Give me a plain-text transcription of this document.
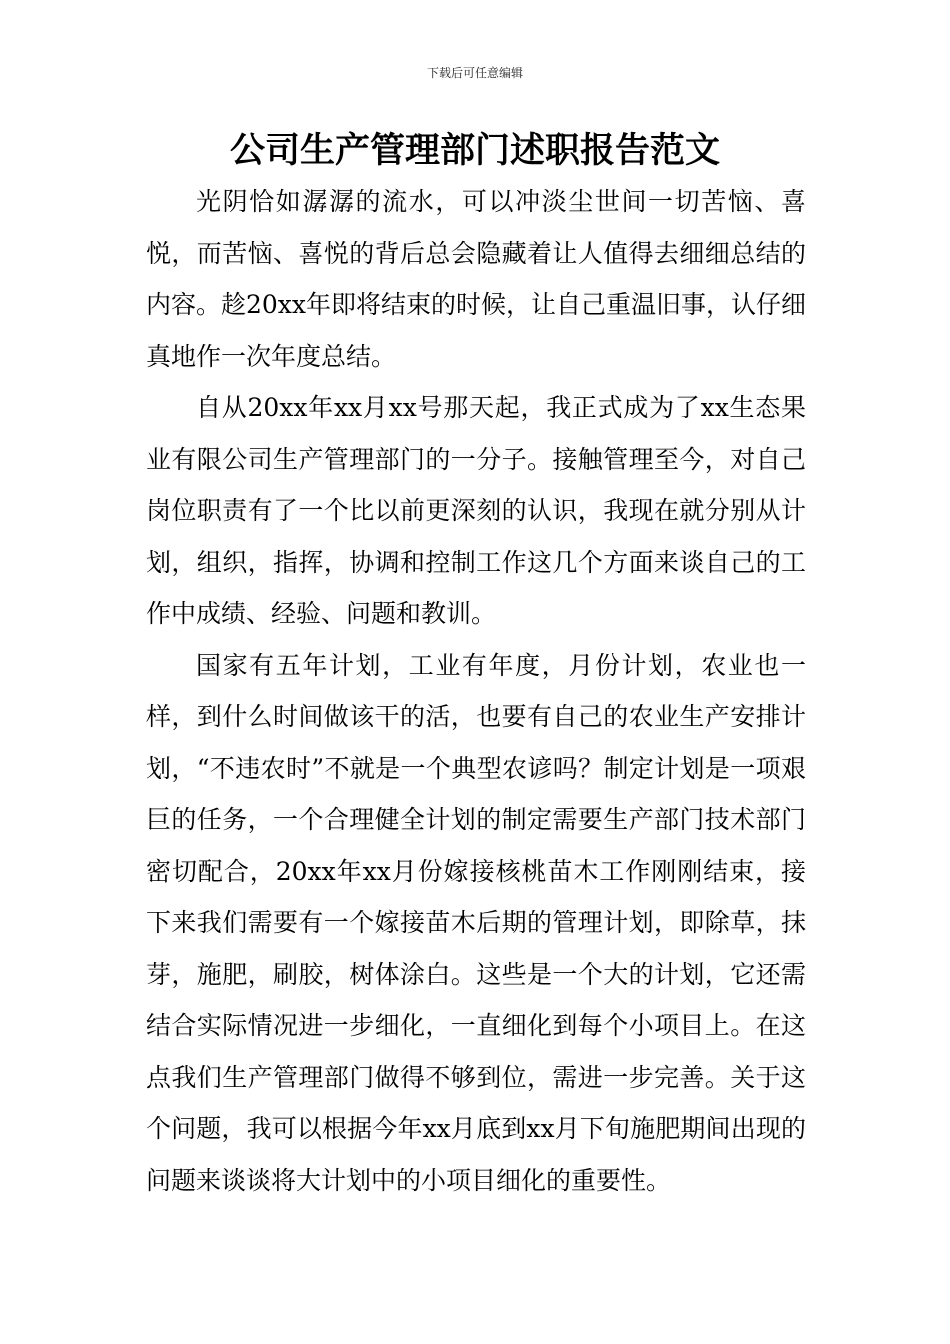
下载后可任意编辑
公司生产管理部门述职报告范文

光阴恰如潺潺的流水，可以冲淡尘世间一切苦恼、喜悦，而苦恼、喜悦的背后总会隐藏着让人值得去细细总结的内容。趁20xx年即将结束的时候，让自己重温旧事，认仔细真地作一次年度总结。

自从20xx年xx月xx号那天起，我正式成为了xx生态果业有限公司生产管理部门的一分子。接触管理至今，对自己岗位职责有了一个比以前更深刻的认识，我现在就分别从计划，组织，指挥，协调和控制工作这几个方面来谈自己的工作中成绩、经验、问题和教训。

国家有五年计划，工业有年度，月份计划，农业也一样，到什么时间做该干的活，也要有自己的农业生产安排计划，“不违农时”不就是一个典型农谚吗？制定计划是一项艰巨的任务，一个合理健全计划的制定需要生产部门技术部门密切配合，20xx年xx月份嫁接核桃苗木工作刚刚结束，接下来我们需要有一个嫁接苗木后期的管理计划，即除草，抹芽，施肥，刷胶，树体涂白。这些是一个大的计划，它还需结合实际情况进一步细化，一直细化到每个小项目上。在这点我们生产管理部门做得不够到位，需进一步完善。关于这个问题，我可以根据今年xx月底到xx月下旬施肥期间出现的问题来谈谈将大计划中的小项目细化的重要性。
